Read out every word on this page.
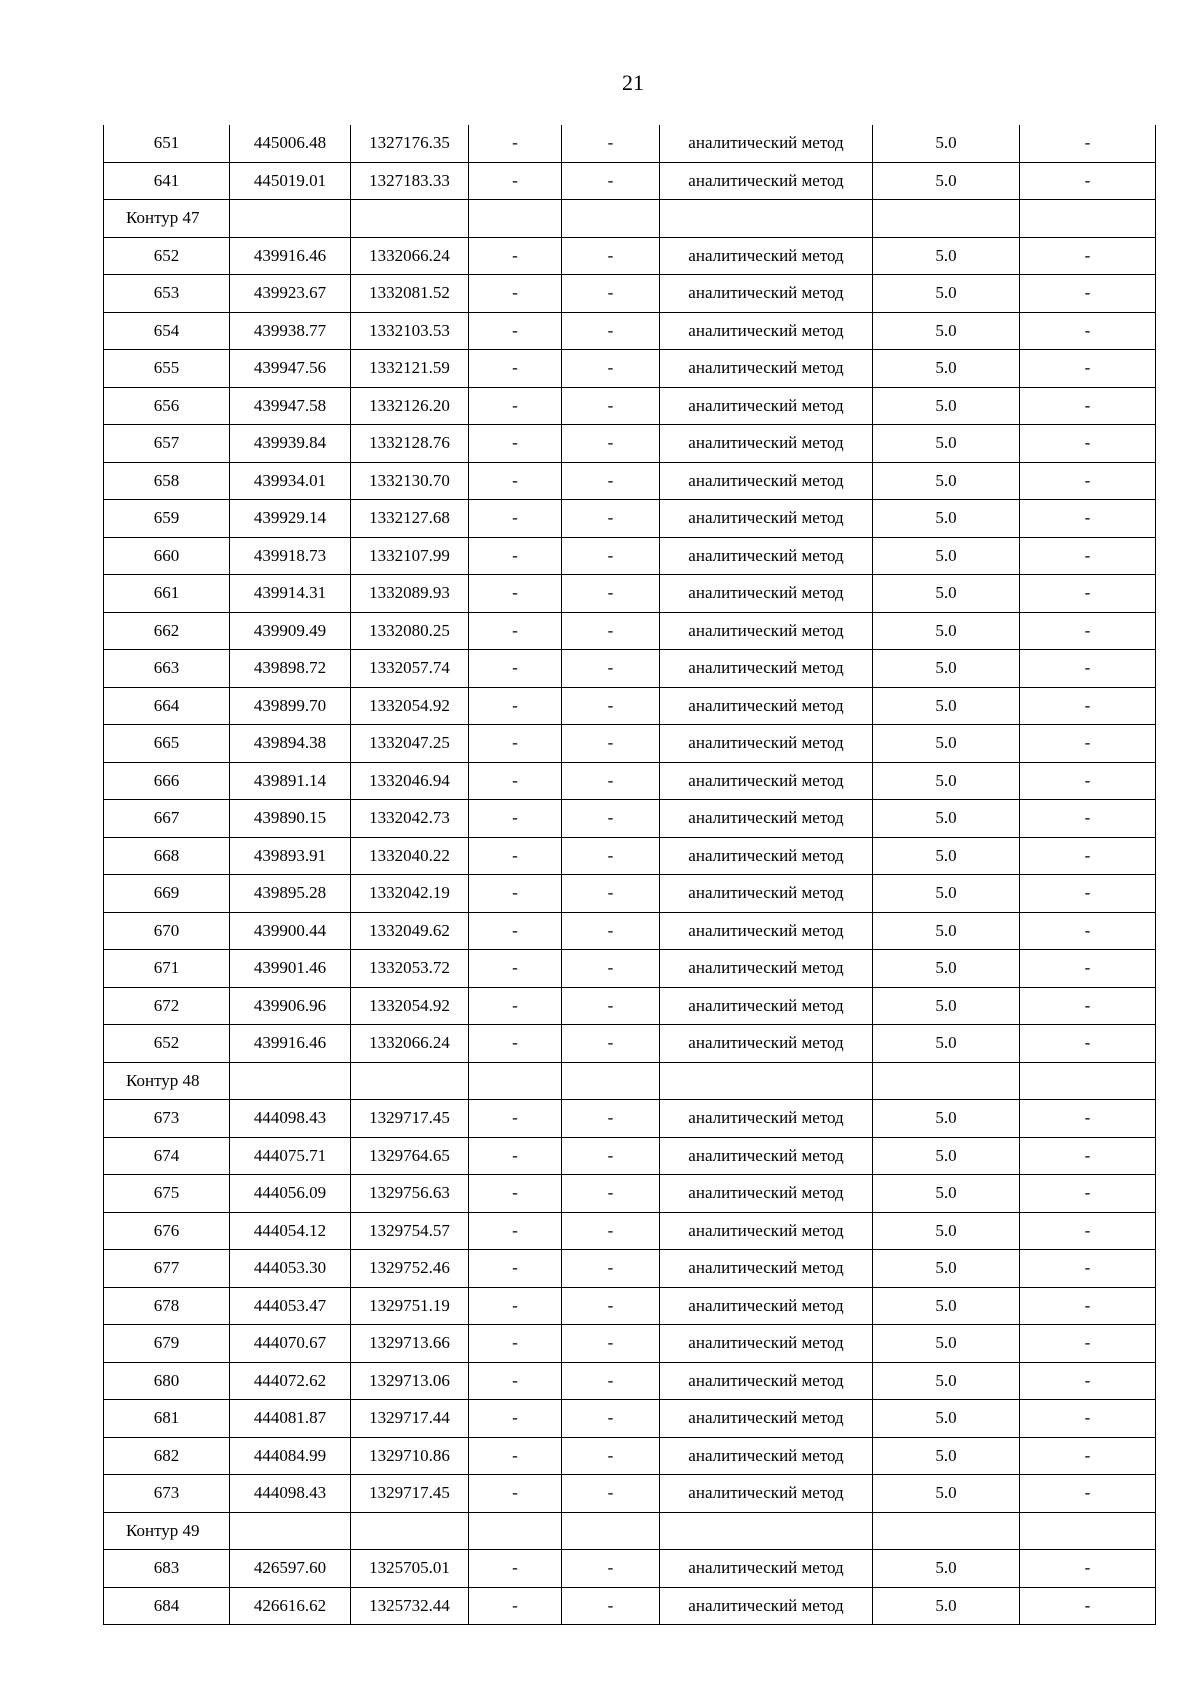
21
651	445006.48	1327176.35	-	-	аналитический метод	5.0	-
641	445019.01	1327183.33	-	-	аналитический метод	5.0	-
Контур 47							
652	439916.46	1332066.24	-	-	аналитический метод	5.0	-
653	439923.67	1332081.52	-	-	аналитический метод	5.0	-
654	439938.77	1332103.53	-	-	аналитический метод	5.0	-
655	439947.56	1332121.59	-	-	аналитический метод	5.0	-
656	439947.58	1332126.20	-	-	аналитический метод	5.0	-
657	439939.84	1332128.76	-	-	аналитический метод	5.0	-
658	439934.01	1332130.70	-	-	аналитический метод	5.0	-
659	439929.14	1332127.68	-	-	аналитический метод	5.0	-
660	439918.73	1332107.99	-	-	аналитический метод	5.0	-
661	439914.31	1332089.93	-	-	аналитический метод	5.0	-
662	439909.49	1332080.25	-	-	аналитический метод	5.0	-
663	439898.72	1332057.74	-	-	аналитический метод	5.0	-
664	439899.70	1332054.92	-	-	аналитический метод	5.0	-
665	439894.38	1332047.25	-	-	аналитический метод	5.0	-
666	439891.14	1332046.94	-	-	аналитический метод	5.0	-
667	439890.15	1332042.73	-	-	аналитический метод	5.0	-
668	439893.91	1332040.22	-	-	аналитический метод	5.0	-
669	439895.28	1332042.19	-	-	аналитический метод	5.0	-
670	439900.44	1332049.62	-	-	аналитический метод	5.0	-
671	439901.46	1332053.72	-	-	аналитический метод	5.0	-
672	439906.96	1332054.92	-	-	аналитический метод	5.0	-
652	439916.46	1332066.24	-	-	аналитический метод	5.0	-
Контур 48							
673	444098.43	1329717.45	-	-	аналитический метод	5.0	-
674	444075.71	1329764.65	-	-	аналитический метод	5.0	-
675	444056.09	1329756.63	-	-	аналитический метод	5.0	-
676	444054.12	1329754.57	-	-	аналитический метод	5.0	-
677	444053.30	1329752.46	-	-	аналитический метод	5.0	-
678	444053.47	1329751.19	-	-	аналитический метод	5.0	-
679	444070.67	1329713.66	-	-	аналитический метод	5.0	-
680	444072.62	1329713.06	-	-	аналитический метод	5.0	-
681	444081.87	1329717.44	-	-	аналитический метод	5.0	-
682	444084.99	1329710.86	-	-	аналитический метод	5.0	-
673	444098.43	1329717.45	-	-	аналитический метод	5.0	-
Контур 49							
683	426597.60	1325705.01	-	-	аналитический метод	5.0	-
684	426616.62	1325732.44	-	-	аналитический метод	5.0	-
